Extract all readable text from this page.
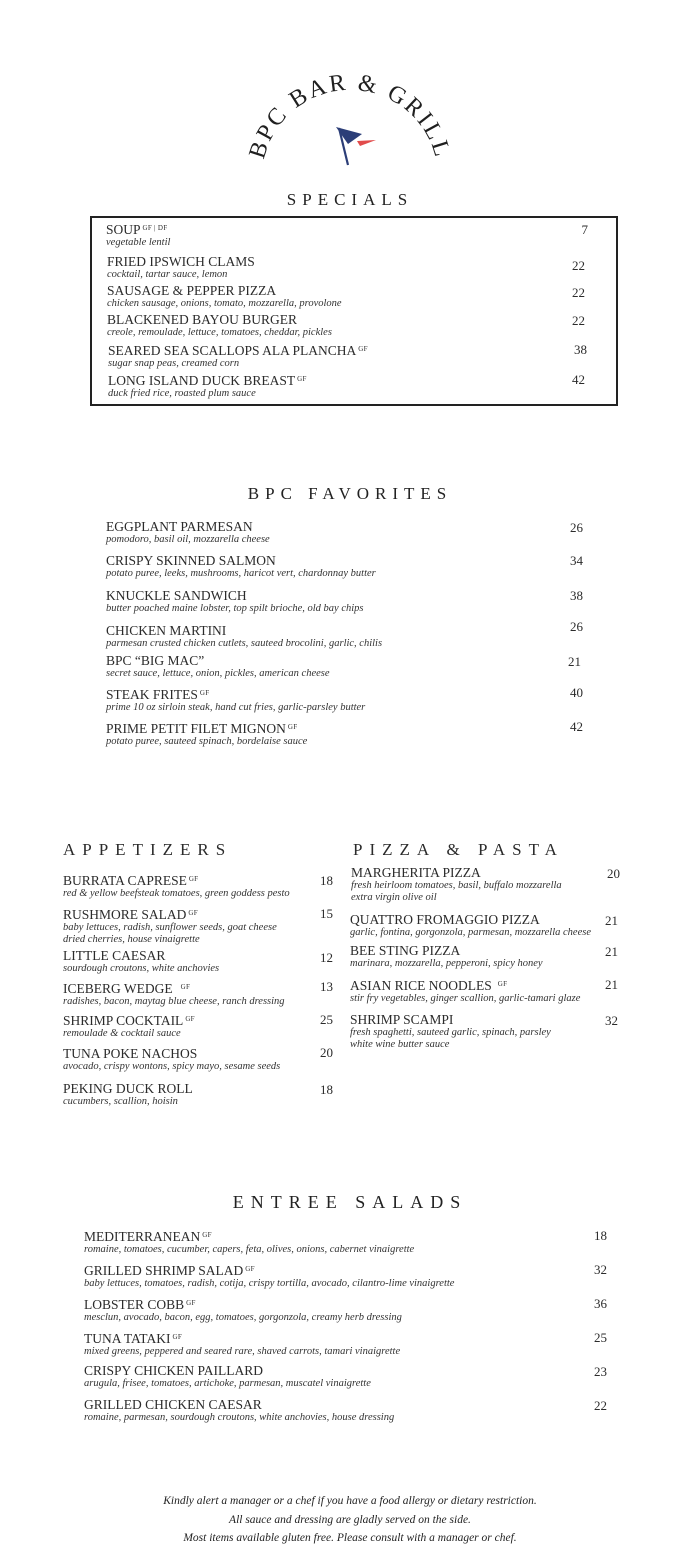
BPC BAR & GRILL
SPECIALS
SOUP $^{GF | DF}$
vegetable lentil
7
FRIED IPSWICH CLAMS
cocktail, tartar sauce, lemon
22
SAUSAGE & PEPPER PIZZA
chicken sausage, onions, tomato, mozzarella, provolone
22
BLACKENED BAYOU BURGER
creole, remoulade, lettuce, tomatoes, cheddar, pickles
22
SEARED SEA SCALLOPS ALA PLANCHA $^{GF}$
sugar snap peas, creamed corn
38
LONG ISLAND DUCK BREAST $^{GF}$
duck fried rice, roasted plum sauce
42
BPC FAVORITES
EGGPLANT PARMESAN
pomodoro, basil oil, mozzarella cheese
26
CRISPY SKINNED SALMON
potato puree, leeks, mushrooms, haricot vert, chardonnay butter
34
KNUCKLE SANDWICH
butter poached maine lobster, top spilt brioche, old bay chips
38
CHICKEN MARTINI
parmesan crusted chicken cutlets, sauteed brocolini, garlic, chilis
26
BPC “BIG MAC”
secret sauce, lettuce, onion, pickles, american cheese
21
STEAK FRITES $^{GF}$
prime 10 oz sirloin steak, hand cut fries, garlic-parsley butter
40
PRIME PETIT FILET MIGNON $^{GF}$
potato puree, sauteed spinach, bordelaise sauce
42
APPETIZERS
BURRATA CAPRESE $^{GF}$
red & yellow beefsteak tomatoes, green goddess pesto
18
RUSHMORE SALAD $^{GF}$
baby lettuces, radish, sunflower seeds, goat cheese
dried cherries, house vinaigrette
15
LITTLE CAESAR
sourdough croutons, white anchovies
12
ICEBERG WEDGE $^{GF}$
radishes, bacon, maytag blue cheese, ranch dressing
13
SHRIMP COCKTAIL $^{GF}$
remoulade & cocktail sauce
25
TUNA POKE NACHOS
avocado, crispy wontons, spicy mayo, sesame seeds
20
PEKING DUCK ROLL
cucumbers, scallion, hoisin
18
PIZZA & PASTA
MARGHERITA PIZZA
fresh heirloom tomatoes, basil, buffalo mozzarella
extra virgin olive oil
20
QUATTRO FROMAGGIO PIZZA
garlic, fontina, gorgonzola, parmesan, mozzarella cheese
21
BEE STING PIZZA
marinara, mozzarella, pepperoni, spicy honey
21
ASIAN RICE NOODLES $^{GF}$
stir fry vegetables, ginger scallion, garlic-tamari glaze
21
SHRIMP SCAMPI
fresh spaghetti, sauteed garlic, spinach, parsley
white wine butter sauce
32
ENTREE SALADS
MEDITERRANEAN $^{GF}$
romaine, tomatoes, cucumber, capers, feta, olives, onions, cabernet vinaigrette
18
GRILLED SHRIMP SALAD $^{GF}$
baby lettuces, tomatoes, radish, cotija, crispy tortilla, avocado, cilantro-lime vinaigrette
32
LOBSTER COBB $^{GF}$
mesclun, avocado, bacon, egg, tomatoes, gorgonzola, creamy herb dressing
36
TUNA TATAKI $^{GF}$
mixed greens, peppered and seared rare, shaved carrots, tamari vinaigrette
25
CRISPY CHICKEN PAILLARD
arugula, frisee, tomatoes, artichoke, parmesan, muscatel vinaigrette
23
GRILLED CHICKEN CAESAR
romaine, parmesan, sourdough croutons, white anchovies, house dressing
22
Kindly alert a manager or a chef if you have a food allergy or dietary restriction.
All sauce and dressing are gladly served on the side.
Most items available gluten free. Please consult with a manager or chef.
